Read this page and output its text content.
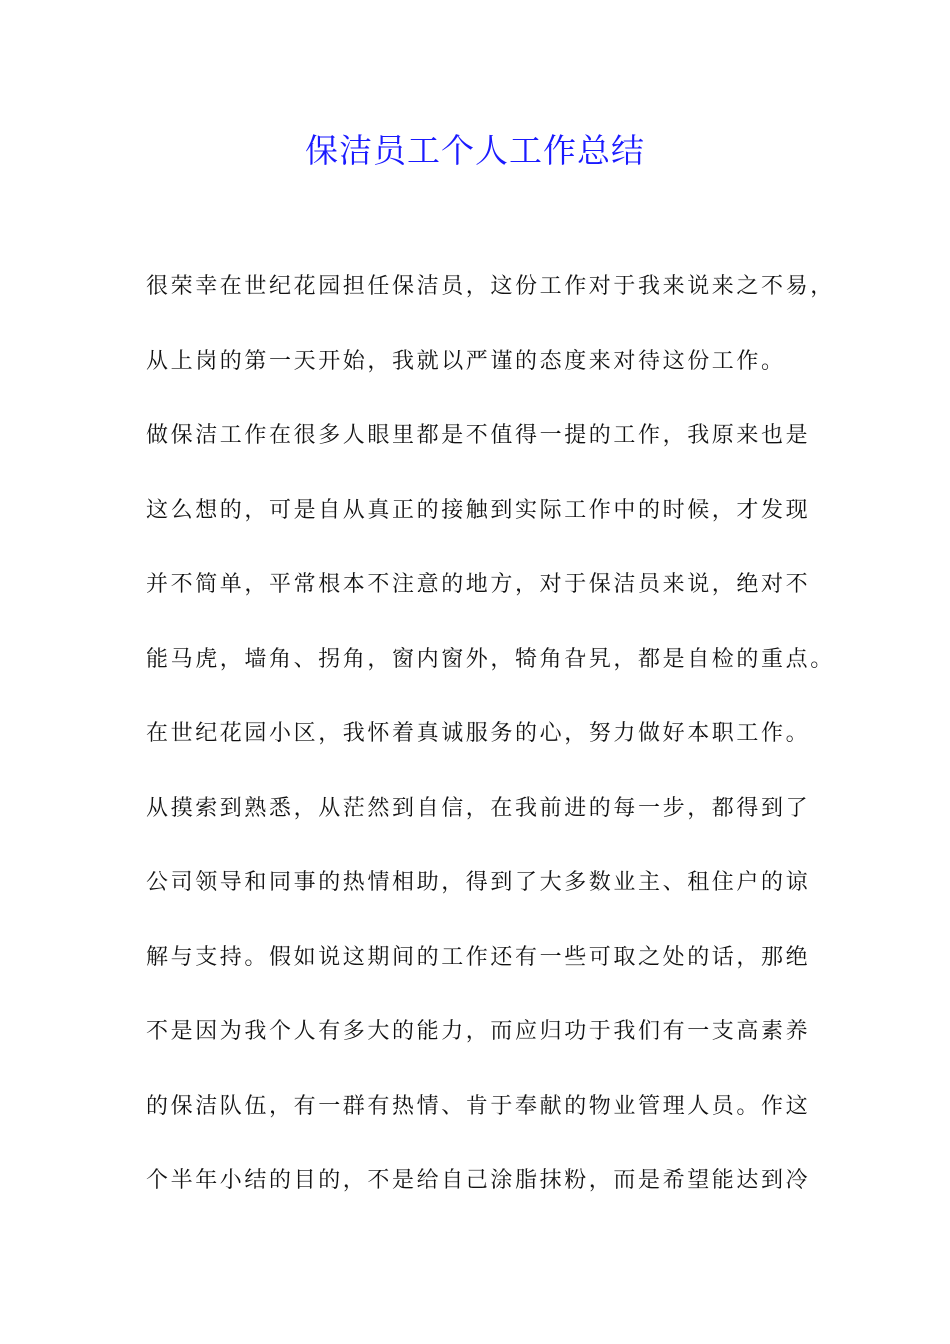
保洁员工个人工作总结
很荣幸在世纪花园担任保洁员，这份工作对于我来说来之不易，
从上岗的第一天开始，我就以严谨的态度来对待这份工作。
做保洁工作在很多人眼里都是不值得一提的工作，我原来也是
这么想的，可是自从真正的接触到实际工作中的时候，才发现
并不简单，平常根本不注意的地方，对于保洁员来说，绝对不
能马虎，墙角、拐角，窗内窗外，犄角旮旯，都是自检的重点。
在世纪花园小区，我怀着真诚服务的心，努力做好本职工作。
从摸索到熟悉，从茫然到自信，在我前进的每一步，都得到了
公司领导和同事的热情相助，得到了大多数业主、租住户的谅
解与支持。假如说这期间的工作还有一些可取之处的话，那绝
不是因为我个人有多大的能力，而应归功于我们有一支高素养
的保洁队伍，有一群有热情、肯于奉献的物业管理人员。作这
个半年小结的目的，不是给自己涂脂抹粉，而是希望能达到冷
